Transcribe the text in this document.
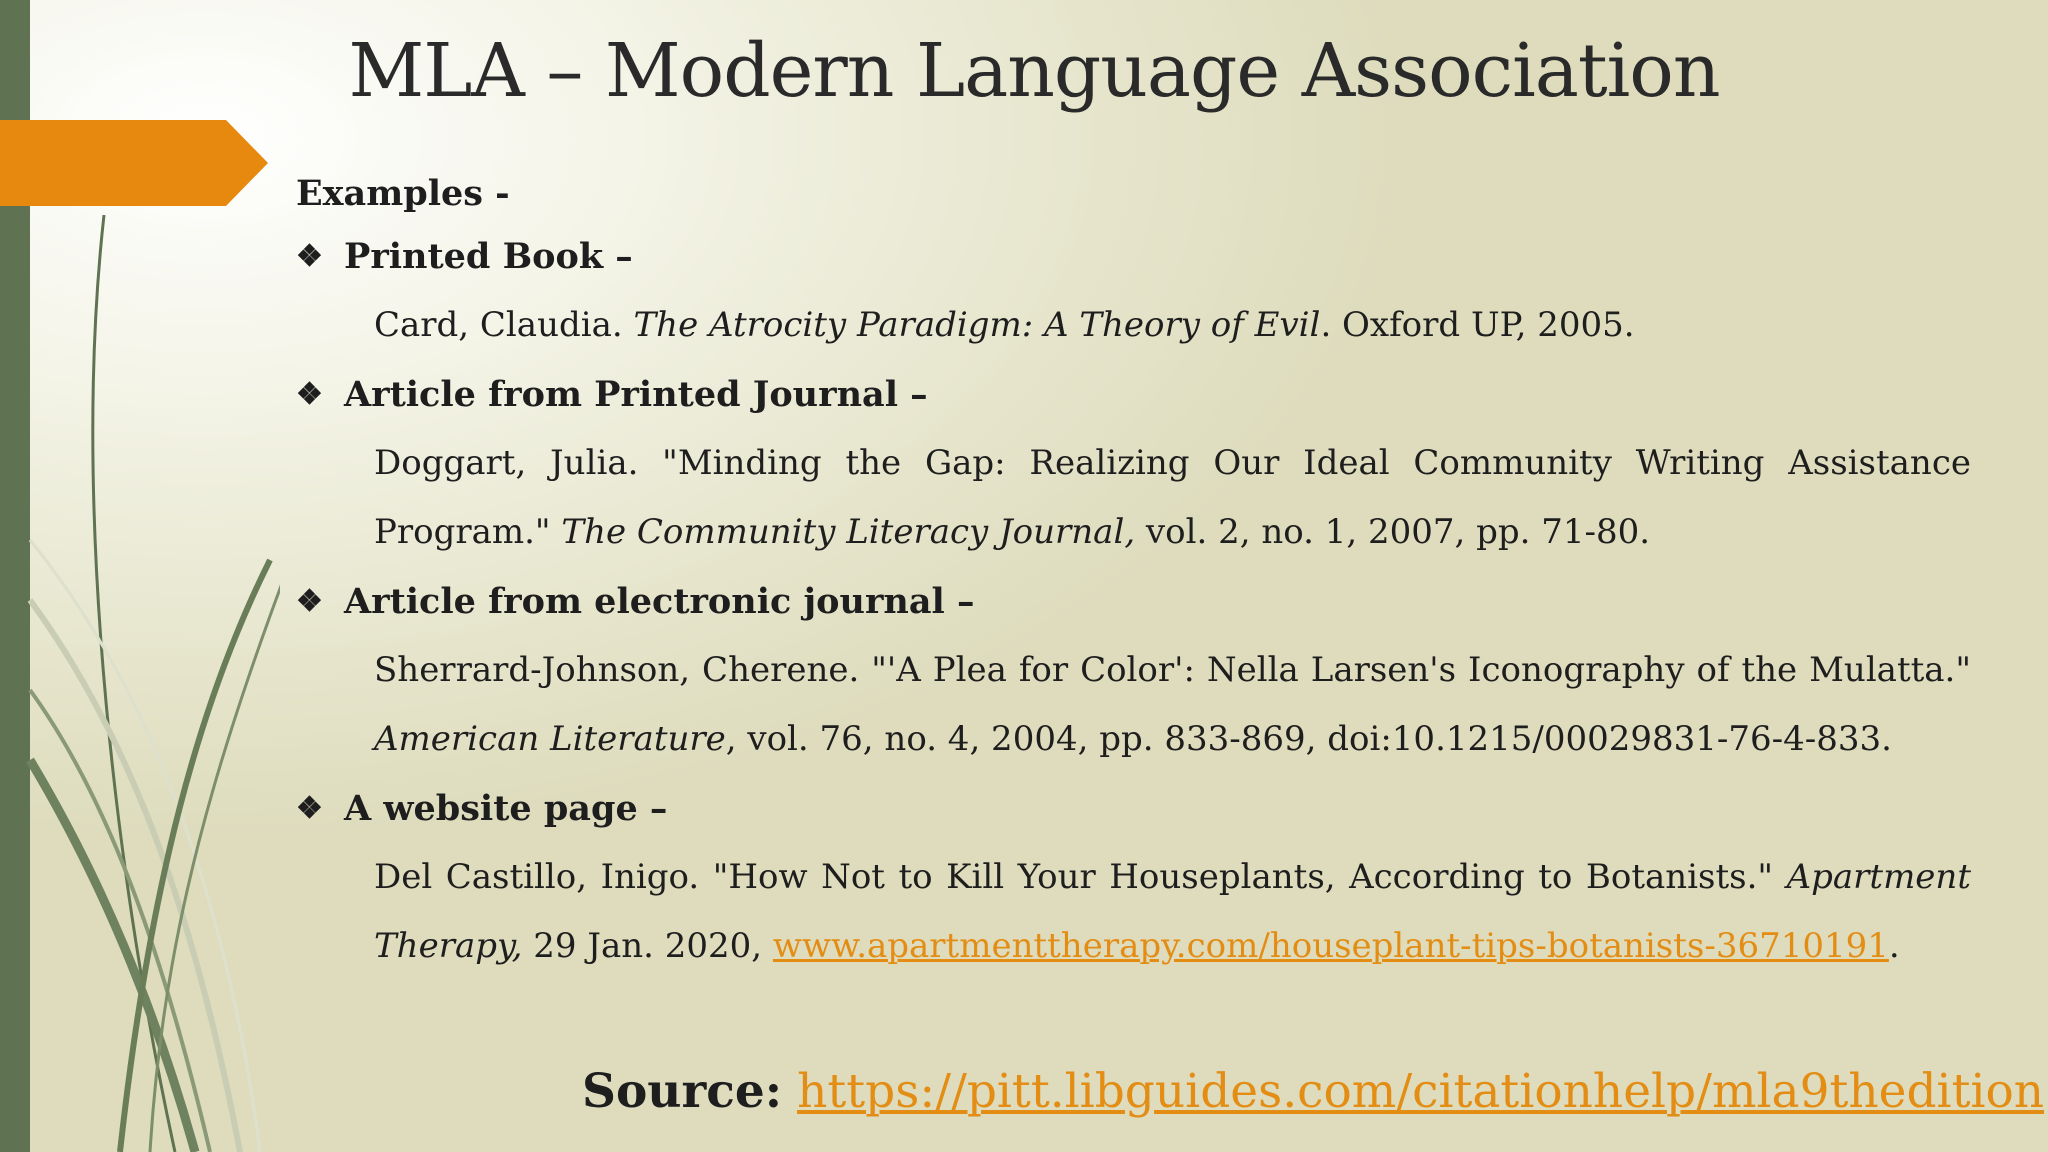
MLA – Modern Language Association
Examples -
❖ Printed Book –
Card, Claudia. The Atrocity Paradigm: A Theory of Evil. Oxford UP, 2005.
❖ Article from Printed Journal –
Doggart, Julia. "Minding the Gap: Realizing Our Ideal Community Writing Assistance Program." The Community Literacy Journal, vol. 2, no. 1, 2007, pp. 71-80.
❖ Article from electronic journal –
Sherrard-Johnson, Cherene. "'A Plea for Color': Nella Larsen's Iconography of the Mulatta." American Literature, vol. 76, no. 4, 2004, pp. 833-869, doi:10.1215/00029831-76-4-833.
❖ A website page –
Del Castillo, Inigo. "How Not to Kill Your Houseplants, According to Botanists." Apartment Therapy, 29 Jan. 2020, www.apartmenttherapy.com/houseplant-tips-botanists-36710191.
Source: https://pitt.libguides.com/citationhelp/mla9thedition
